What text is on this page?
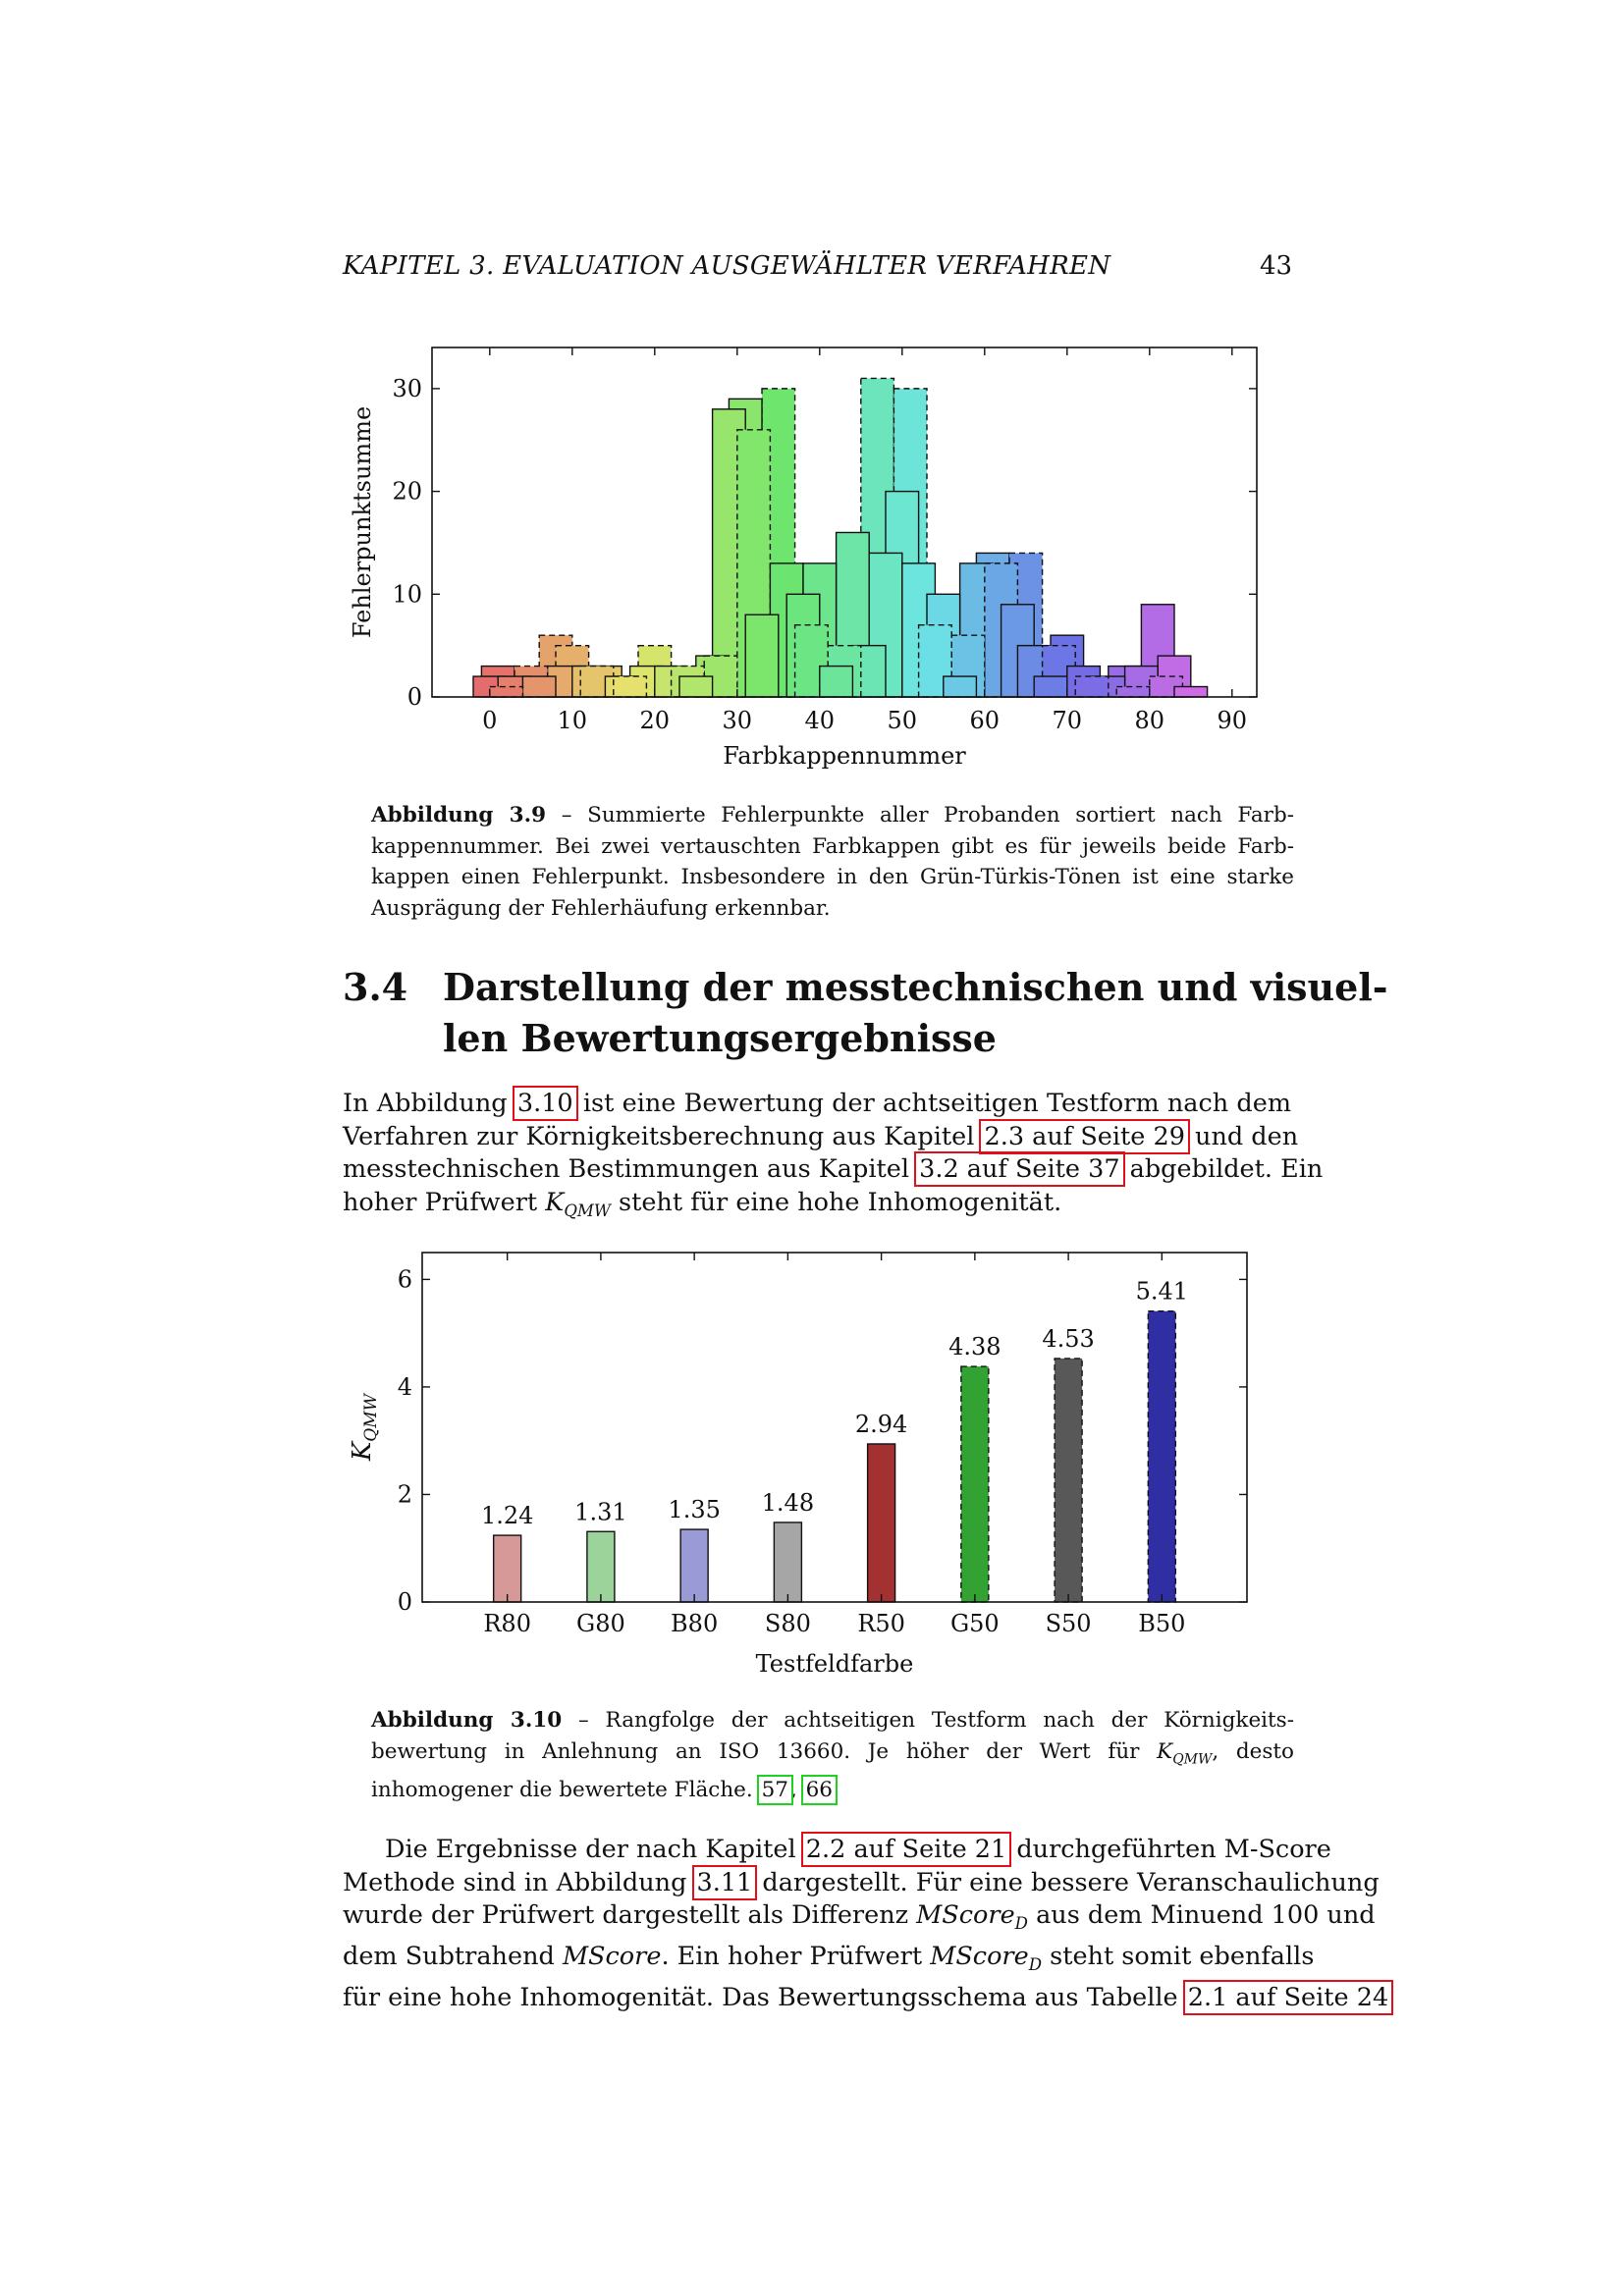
KAPITEL 3. EVALUATION AUSGEWÄHLTER VERFAHREN	43
0	10 20 30 40 50 60 70 80 90
0
10
20
30
Farbkappennummer
Fehlerpunktsumme
Abbildung 3.9 – Summierte Fehlerpunkte aller Probanden sortiert nach Farb-
kappennummer. Bei zwei vertauschten Farbkappen gibt es für jeweils beide Farb-
kappen einen Fehlerpunkt. Insbesondere in den Grün-Türkis-Tönen ist eine starke
Ausprägung der Fehlerhäufung erkennbar.
3.4 Darstellung der messtechnischen und visuel-
len Bewertungsergebnisse
In Abbildung 3.10 ist eine Bewertung der achtseitigen Testform nach dem
Verfahren zur Körnigkeitsberechnung aus Kapitel 2.3 auf Seite 29 und den
messtechnischen Bestimmungen aus Kapitel 3.2 auf Seite 37 abgebildet. Ein
hoher Prüfwert $K_{QMW}$ steht für eine hohe Inhomogenität.
1.24 1.31 1.35 1.48
2.94
4.38 4.53
5.41
R80 G80 B80 S80 R50 G50 S50 B50
0
2
4
6
Testfeldfarbe
$K_{QMW}$
Abbildung 3.10 – Rangfolge der achtseitigen Testform nach der Körnigkeits-
bewertung in Anlehnung an ISO 13660. Je höher der Wert für $K_{QMW}$, desto
inhomogener die bewertete Fläche. 57, 66
Die Ergebnisse der nach Kapitel 2.2 auf Seite 21 durchgeführten M-Score
Methode sind in Abbildung 3.11 dargestellt. Für eine bessere Veranschaulichung
wurde der Prüfwert dargestellt als Differenz MScore$_D$ aus dem Minuend 100 und
dem Subtrahend MScore. Ein hoher Prüfwert MScore$_D$ steht somit ebenfalls
für eine hohe Inhomogenität. Das Bewertungsschema aus Tabelle 2.1 auf Seite 24
